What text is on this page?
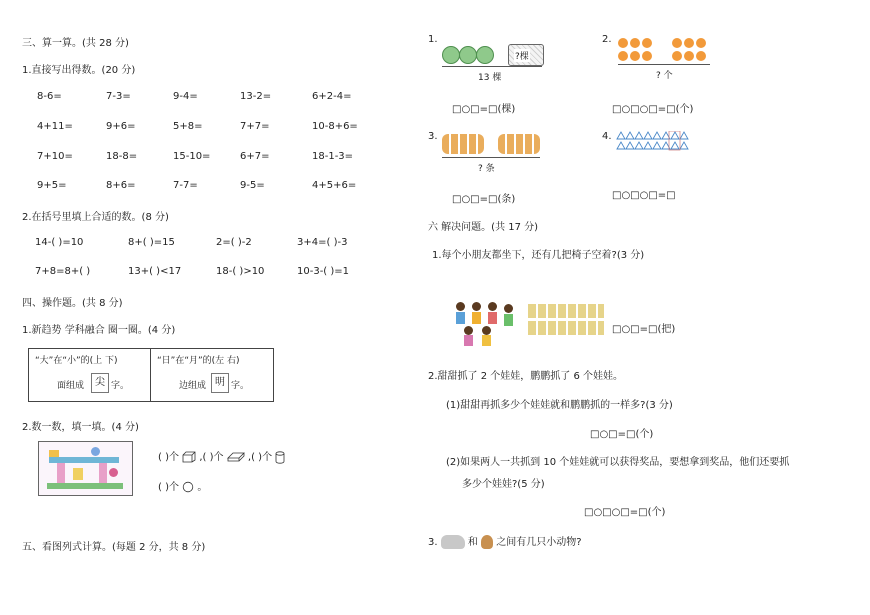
三、算一算。(共 28 分)
1.直接写出得数。(20 分)
8-6=	7-3=	9-4=	13-2=	6+2-4=
4+11=	9+6=	5+8=	7+7=	10-8+6=
7+10=	18-8=	15-10=	6+7=	18-1-3=
9+5=	8+6=	7-7=	9-5=	4+5+6=
2.在括号里填上合适的数。(8 分)
14-( )=10	8+( )=15	2=( )-2	3+4=( )-3
7+8=8+( )	13+( )<17	18-( )>10	10-3-( )=1
四、操作题。(共 8 分)
1.新趋势 学科融合 圈一圈。(4 分)
“大”在“小”的(上 下)
面组成	尖 字。
“日”在“月”的(左 右)
边组成 明 字。
2.数一数，填一填。(4 分)
( )个 ,( )个 ,( )个
( )个 。
五、看图列式计算。(每题 2 分，共 8 分)
1.
?棵
13 棵
□○□=□(棵)
2.
? 个
□○□○□=□(个)
3.
? 条
□○□=□(条)
4.
□○□○□=□
六 解决问题。(共 17 分)
1.每个小朋友都坐下，还有几把椅子空着?(3 分)
□○□=□(把)
2.甜甜抓了 2 个娃娃，鹏鹏抓了 6 个娃娃。
(1)甜甜再抓多少个娃娃就和鹏鹏抓的一样多?(3 分)
□○□=□(个)
(2)如果两人一共抓到 10 个娃娃就可以获得奖品，要想拿到奖品，他们还要抓
多少个娃娃?(5 分)
□○□○□=□(个)
3.	和 之间有几只小动物?
